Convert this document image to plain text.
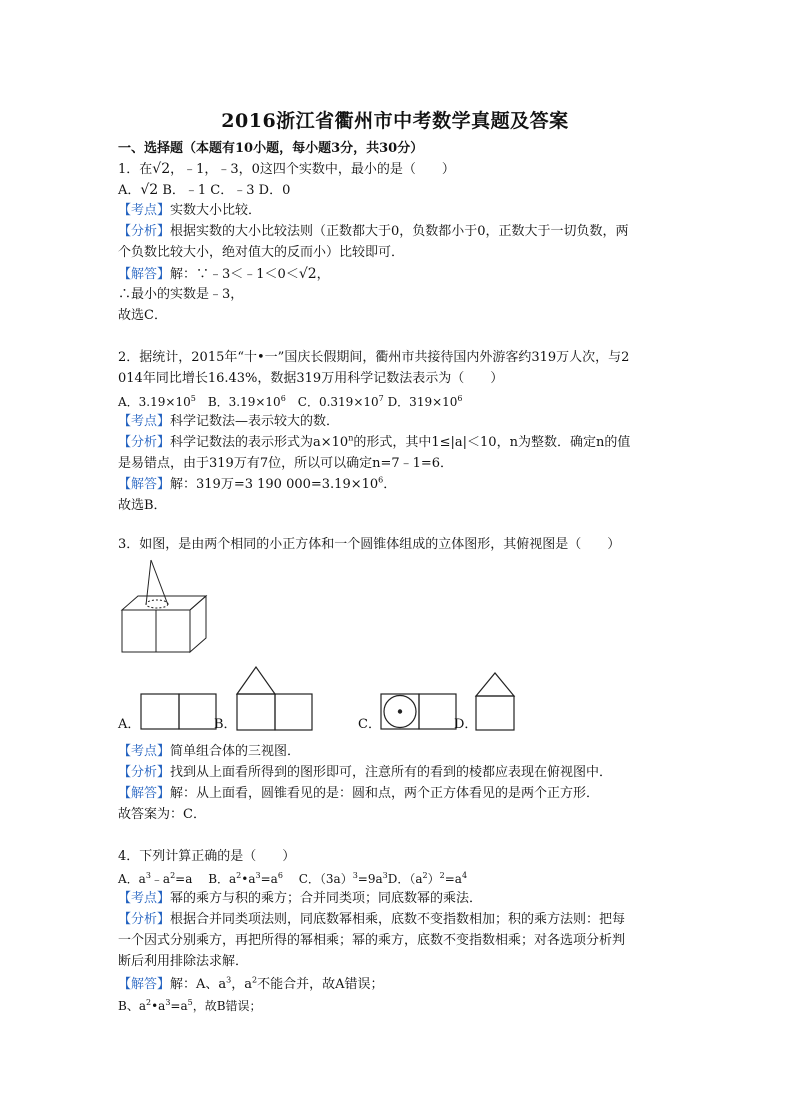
2016浙江省衢州市中考数学真题及答案
一、选择题（本题有10小题，每小题3分，共30分）
1．在√2，﹣1，﹣3，0这四个实数中，最小的是（　　）
A．√2 B．﹣1 C．﹣3 D．0
【考点】实数大小比较．
【分析】根据实数的大小比较法则（正数都大于0，负数都小于0，正数大于一切负数，两
个负数比较大小，绝对值大的反而小）比较即可．
【解答】解：∵﹣3＜﹣1＜0＜√2，
∴最小的实数是﹣3，
故选C．
2．据统计，2015年“十•一”国庆长假期间，衢州市共接待国内外游客约319万人次，与2
014年同比增长16.43%，数据319万用科学记数法表示为（　　）
A．$3.19\times 10^5$　B．$3.19\times 10^6$　C．$0.319\times 10^7$ D．$319\times 10^6$
【考点】科学记数法—表示较大的数．
【分析】科学记数法的表示形式为$a\times 10^n$的形式，其中1≤|a|＜10，n为整数．确定n的值
是易错点，由于319万有7位，所以可以确定n=7﹣1=6．
【解答】解：319万=3 190 $000=3.19\times 10^6$．
故选B．
3．如图，是由两个相同的小正方体和一个圆锥体组成的立体图形，其俯视图是（　　）
A．	B．	C．	D．
【考点】简单组合体的三视图．
【分析】找到从上面看所得到的图形即可，注意所有的看到的棱都应表现在俯视图中．
【解答】解：从上面看，圆锥看见的是：圆和点，两个正方体看见的是两个正方形．
故答案为：C．
4．下列计算正确的是（　　）
A．$a^3﹣a^2=a$　 B．$a^2•a^3=a^6$　 C．$(3a)^3=9a^3D$．$(a^2)^2=a^4$
【考点】幂的乘方与积的乘方；合并同类项；同底数幂的乘法．
【分析】根据合并同类项法则，同底数幂相乘，底数不变指数相加；积的乘方法则：把每
一个因式分别乘方，再把所得的幂相乘；幂的乘方，底数不变指数相乘；对各选项分析判
断后利用排除法求解．
【解答】解：A、$a^3$，$a^2$不能合并，故A错误；
B、$a^2•a^3=a^5$，故B错误；
